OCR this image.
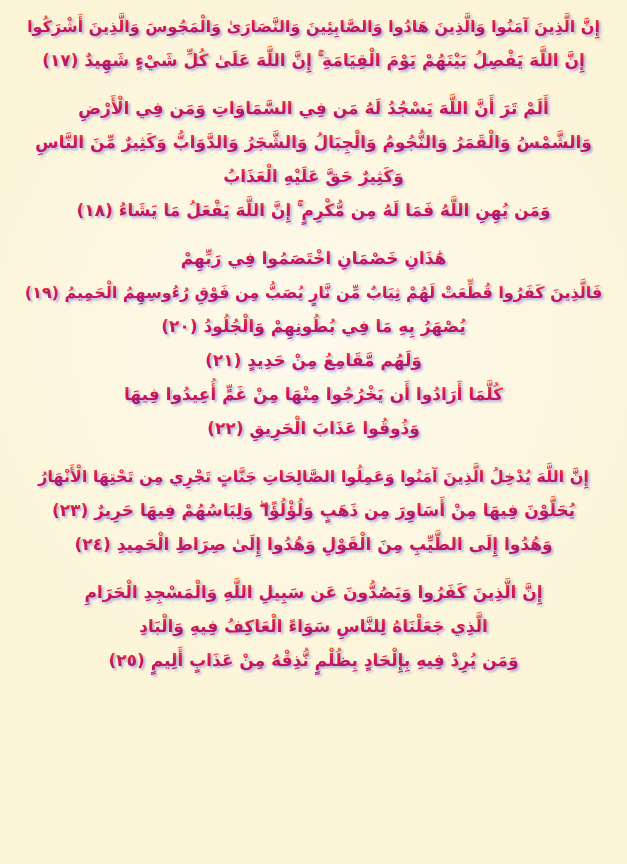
إِنَّ الَّذِينَ آمَنُوا وَالَّذِينَ هَادُوا وَالصَّابِئِينَ وَالنَّصَارَىٰ وَالْمَجُوسَ وَالَّذِينَ أَشْرَكُوا

إِنَّ اللَّهَ يَفْصِلُ بَيْنَهُمْ يَوْمَ الْقِيَامَةِ ۚ إِنَّ اللَّهَ عَلَىٰ كُلِّ شَيْءٍ شَهِيدٌ (١٧)

أَلَمْ تَرَ أَنَّ اللَّهَ يَسْجُدُ لَهُ مَن فِي السَّمَاوَاتِ وَمَن فِي الْأَرْضِ

وَالشَّمْسُ وَالْقَمَرُ وَالنُّجُومُ وَالْجِبَالُ وَالشَّجَرُ وَالدَّوَابُّ وَكَثِيرٌ مِّنَ النَّاسِ

وَكَثِيرٌ حَقَّ عَلَيْهِ الْعَذَابُ

وَمَن يُهِنِ اللَّهُ فَمَا لَهُ مِن مُّكْرِمٍ ۚ إِنَّ اللَّهَ يَفْعَلُ مَا يَشَاءُ (١٨)

هَٰذَانِ خَصْمَانِ اخْتَصَمُوا فِي رَبِّهِمْ

فَالَّذِينَ كَفَرُوا قُطِّعَتْ لَهُمْ ثِيَابٌ مِّن نَّارٍ يُصَبُّ مِن فَوْقِ رُءُوسِهِمُ الْحَمِيمُ (١٩)

يُصْهَرُ بِهِ مَا فِي بُطُونِهِمْ وَالْجُلُودُ (٢٠)

وَلَهُم مَّقَامِعُ مِنْ حَدِيدٍ (٢١)

كُلَّمَا أَرَادُوا أَن يَخْرُجُوا مِنْهَا مِنْ غَمٍّ أُعِيدُوا فِيهَا

وَذُوقُوا عَذَابَ الْحَرِيقِ (٢٢)

إِنَّ اللَّهَ يُدْخِلُ الَّذِينَ آمَنُوا وَعَمِلُوا الصَّالِحَاتِ جَنَّاتٍ تَجْرِي مِن تَحْتِهَا الْأَنْهَارُ

يُحَلَّوْنَ فِيهَا مِنْ أَسَاوِرَ مِن ذَهَبٍ وَلُؤْلُؤًا ۖ وَلِبَاسُهُمْ فِيهَا حَرِيرٌ (٢٣)

وَهُدُوا إِلَى الطَّيِّبِ مِنَ الْقَوْلِ وَهُدُوا إِلَىٰ صِرَاطِ الْحَمِيدِ (٢٤)

إِنَّ الَّذِينَ كَفَرُوا وَيَصُدُّونَ عَن سَبِيلِ اللَّهِ وَالْمَسْجِدِ الْحَرَامِ

الَّذِي جَعَلْنَاهُ لِلنَّاسِ سَوَاءً الْعَاكِفُ فِيهِ وَالْبَادِ

وَمَن يُرِدْ فِيهِ بِإِلْحَادٍ بِظُلْمٍ نُّذِقْهُ مِنْ عَذَابٍ أَلِيمٍ (٢٥)
